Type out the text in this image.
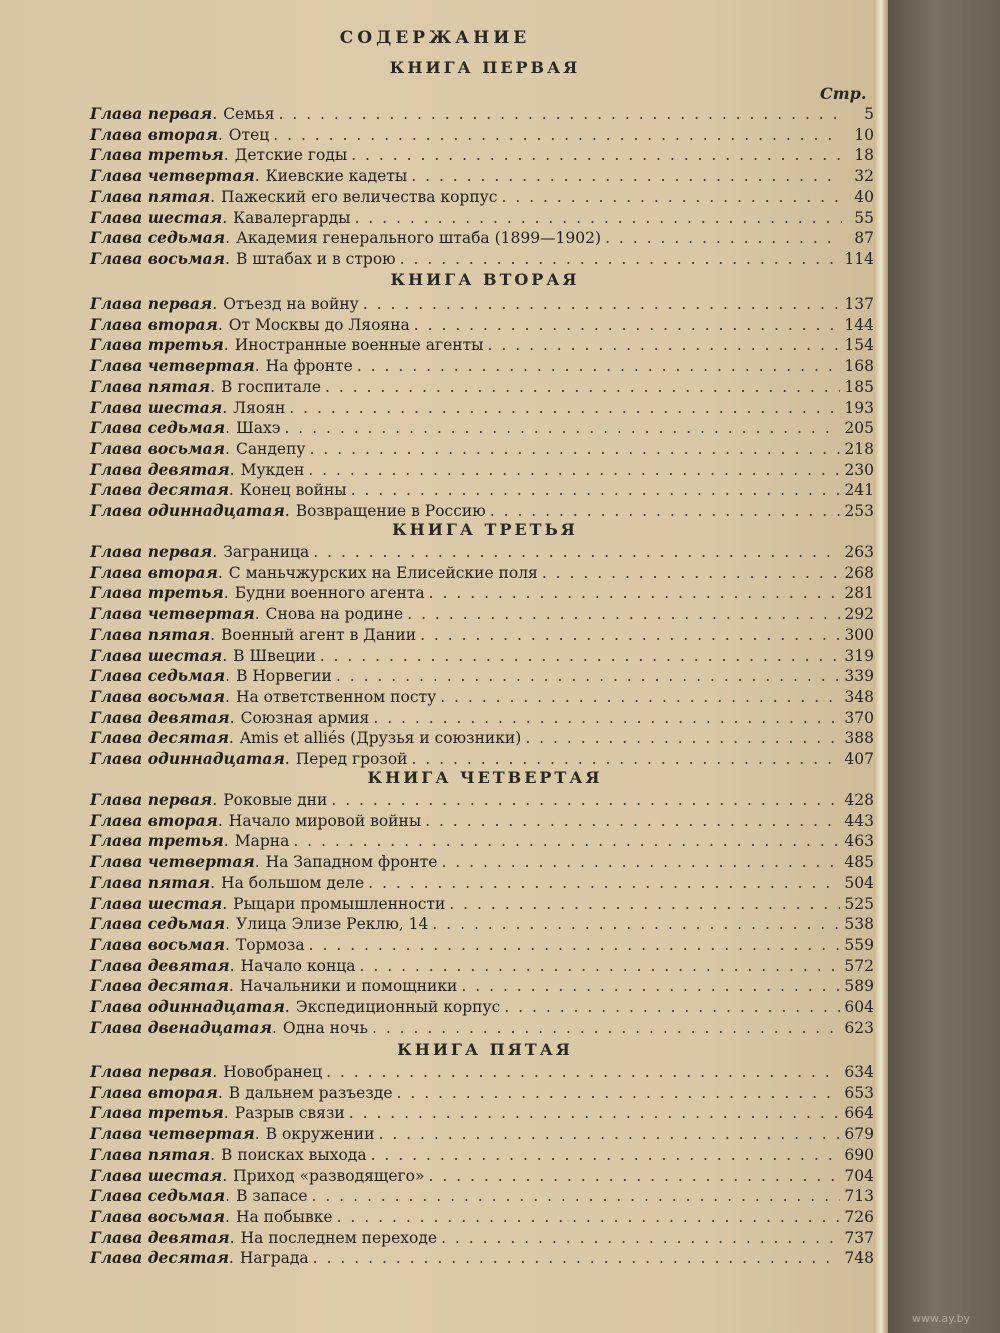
СОДЕРЖАНИЕ
Стр.
КНИГА ПЕРВАЯ
Глава первая . Семья . . .	5
Глава вторая . Отец . . .	10
Глава третья . Детские годы . . .	18
Глава четвертая . Киевские кадеты . . .	32
Глава пятая . Пажеский его величества корпус . . .	40
Глава шестая . Кавалергарды . . .	55
Глава седьмая . Академия генерального штаба (1899—1902) . . .	87
Глава восьмая . В штабах и в строю . . .	114
КНИГА ВТОРАЯ
Глава первая . Отъезд на войну . . .	137
Глава вторая . От Москвы до Ляояна . . .	144
Глава третья . Иностранные военные агенты . . .	154
Глава четвертая . На фронте . . .	168
Глава пятая . В госпитале . . .	185
Глава шестая . Ляоян . . .	193
Глава седьмая . Шахэ . . .	205
Глава восьмая . Сандепу . . .	218
Глава девятая . Мукден . . .	230
Глава десятая . Конец войны . . .	241
Глава одиннадцатая . Возвращение в Россию . . .	253
КНИГА ТРЕТЬЯ
Глава первая . Заграница . . .	263
Глава вторая . С маньчжурских на Елисейские поля . . .	268
Глава третья . Будни военного агента . . .	281
Глава четвертая . Снова на родине . . .	292
Глава пятая . Военный агент в Дании . . .	300
Глава шестая . В Швеции . . .	319
Глава седьмая . В Норвегии . . .	339
Глава восьмая . На ответственном посту . . .	348
Глава девятая . Союзная армия . . .	370
Глава десятая . Amis et alliés (Друзья и союзники) . . .	388
Глава одиннадцатая . Перед грозой . . .	407
КНИГА ЧЕТВЕРТАЯ
Глава первая . Роковые дни . . .	428
Глава вторая . Начало мировой войны . . .	443
Глава третья . Марна . . .	463
Глава четвертая . На Западном фронте . . .	485
Глава пятая . На большом деле . . .	504
Глава шестая . Рыцари промышленности . . .	525
Глава седьмая . Улица Элизе Реклю, 14 . . .	538
Глава восьмая . Тормоза . . .	559
Глава девятая . Начало конца . . .	572
Глава десятая . Начальники и помощники . . .	589
Глава одиннадцатая . Экспедиционный корпус . . .	604
Глава двенадцатая . Одна ночь . . .	623
КНИГА ПЯТАЯ
Глава первая . Новобранец . . .	634
Глава вторая . В дальнем разъезде . . .	653
Глава третья . Разрыв связи . . .	664
Глава четвертая . В окружении . . .	679
Глава пятая . В поисках выхода . . .	690
Глава шестая . Приход «разводящего» . . .	704
Глава седьмая . В запасе . . .	713
Глава восьмая . На побывке . . .	726
Глава девятая . На последнем переходе . . .	737
Глава десятая . Награда . . .	748
www.ay.by
